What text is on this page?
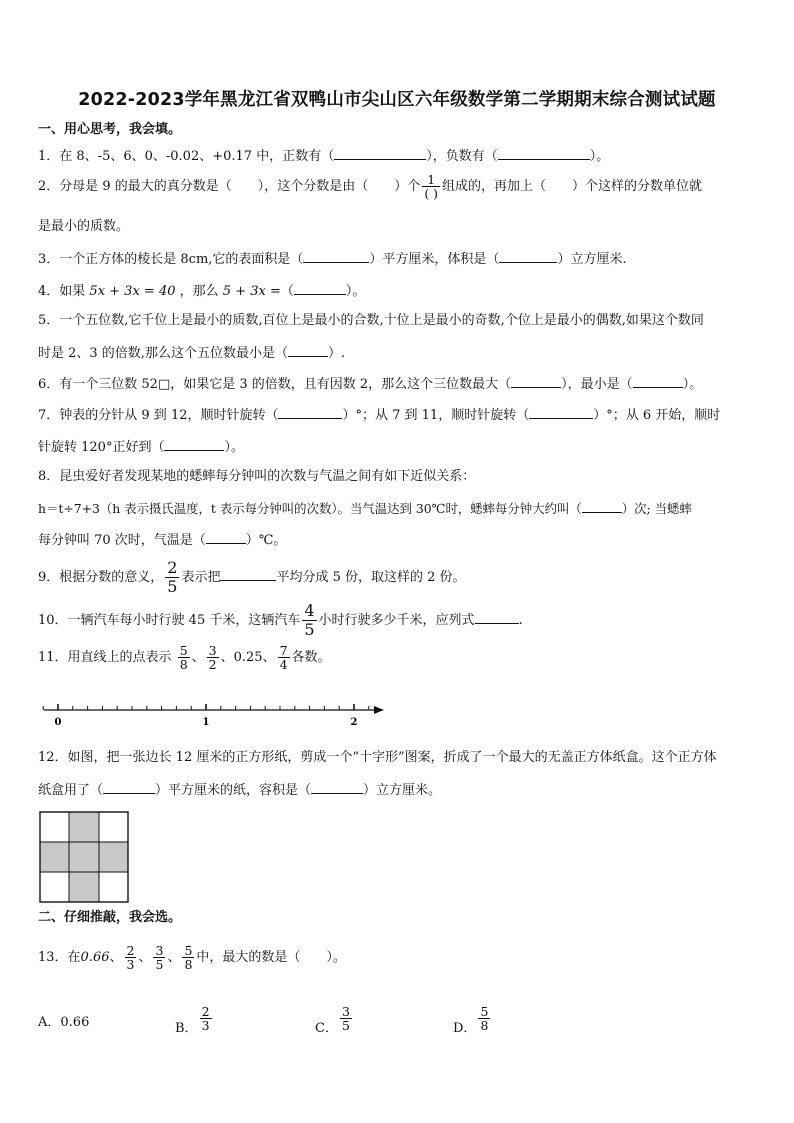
2022-2023学年黑龙江省双鸭山市尖山区六年级数学第二学期期末综合测试试题
一、用心思考，我会填。
1．在 8、-5、6、0、-0.02、+0.17 中，正数有（	），负数有（	）。
2．分母是 9 的最大的真分数是（　　），这个分数是由（　　）个 $\frac{1}{( )}$ 组成的，再加上（　　）个这样的分数单位就
是最小的质数。
3．一个正方体的棱长是 8cm,它的表面积是（	）平方厘米，体积是（	）立方厘米.
4．如果 5x + 3x = 40 ，那么 5 + 3x =（	）。
5．一个五位数,它千位上是最小的质数,百位上是最小的合数,十位上是最小的奇数,个位上是最小的偶数,如果这个数同
时是 2、3 的倍数,那么这个五位数最小是（	）.
6．有一个三位数 52□，如果它是 3 的倍数，且有因数 2，那么这个三位数最大（	），最小是（	）。
7．钟表的分针从 9 到 12，顺时针旋转（	）°；从 7 到 11，顺时针旋转（	）°；从 6 开始，顺时
针旋转 120°正好到（	）。
8．昆虫爱好者发现某地的蟋蟀每分钟叫的次数与气温之间有如下近似关系：
h＝t÷7+3（h 表示摄氏温度，t 表示每分钟叫的次数）。当气温达到 30℃时，蟋蟀每分钟大约叫（	）次; 当蟋蟀
每分钟叫 70 次时，气温是（	）℃。
9．根据分数的意义， $\frac{2}{5}$ 表示把	平均分成 5 份，取这样的 2 份。
10．一辆汽车每小时行驶 45 千米，这辆汽车 $\frac{4}{5}$ 小时行驶多少千米，应列式	.
11．用直线上的点表示 $\frac{5}{8}$ 、 $\frac{3}{2}$ 、0.25、 $\frac{7}{4}$ 各数。
0	1	2
12．如图，把一张边长 12 厘米的正方形纸，剪成一个“十字形”图案，折成了一个最大的无盖正方体纸盒。这个正方体
纸盒用了（	）平方厘米的纸，容积是（	）立方厘米。
二、仔细推敲，我会选。
13．在0.66、 $\frac{2}{3}$ 、 $\frac{3}{5}$ 、 $\frac{5}{8}$ 中，最大的数是（　　）。
A．0.66	B． $\frac{2}{3}$	C． $\frac{3}{5}$	D． $\frac{5}{8}$
